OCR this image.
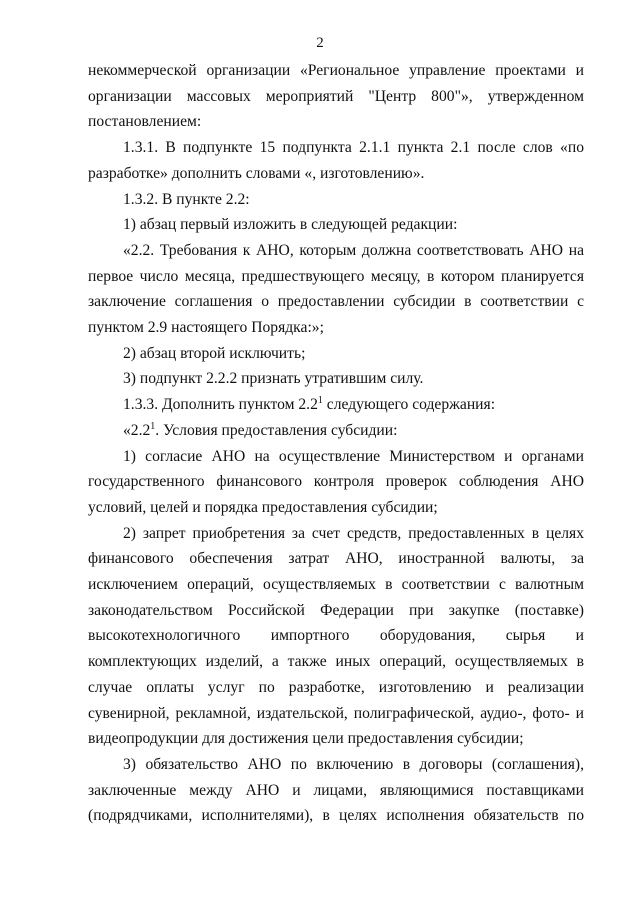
2

некоммерческой организации «Региональное управление проектами и организации массовых мероприятий "Центр 800"», утвержденном постановлением:

1.3.1. В подпункте 15 подпункта 2.1.1 пункта 2.1 после слов «по разработке» дополнить словами «, изготовлению».

1.3.2. В пункте 2.2:

1) абзац первый изложить в следующей редакции:

«2.2. Требования к АНО, которым должна соответствовать АНО на первое число месяца, предшествующего месяцу, в котором планируется заключение соглашения о предоставлении субсидии в соответствии с пунктом 2.9 настоящего Порядка:»;

2) абзац второй исключить;

3) подпункт 2.2.2 признать утратившим силу.

1.3.3. Дополнить пунктом $2.2^1$ следующего содержания:

«$2.2^1$. Условия предоставления субсидии:

1) согласие АНО на осуществление Министерством и органами государственного финансового контроля проверок соблюдения АНО условий, целей и порядка предоставления субсидии;

2) запрет приобретения за счет средств, предоставленных в целях финансового обеспечения затрат АНО, иностранной валюты, за исключением операций, осуществляемых в соответствии с валютным законодательством Российской Федерации при закупке (поставке) высокотехнологичного импортного оборудования, сырья и комплектующих изделий, а также иных операций, осуществляемых в случае оплаты услуг по разработке, изготовлению и реализации сувенирной, рекламной, издательской, полиграфической, аудио-, фото- и видеопродукции для достижения цели предоставления субсидии;

3) обязательство АНО по включению в договоры (соглашения), заключенные между АНО и лицами, являющимися поставщиками (подрядчиками, исполнителями), в целях исполнения обязательств по
